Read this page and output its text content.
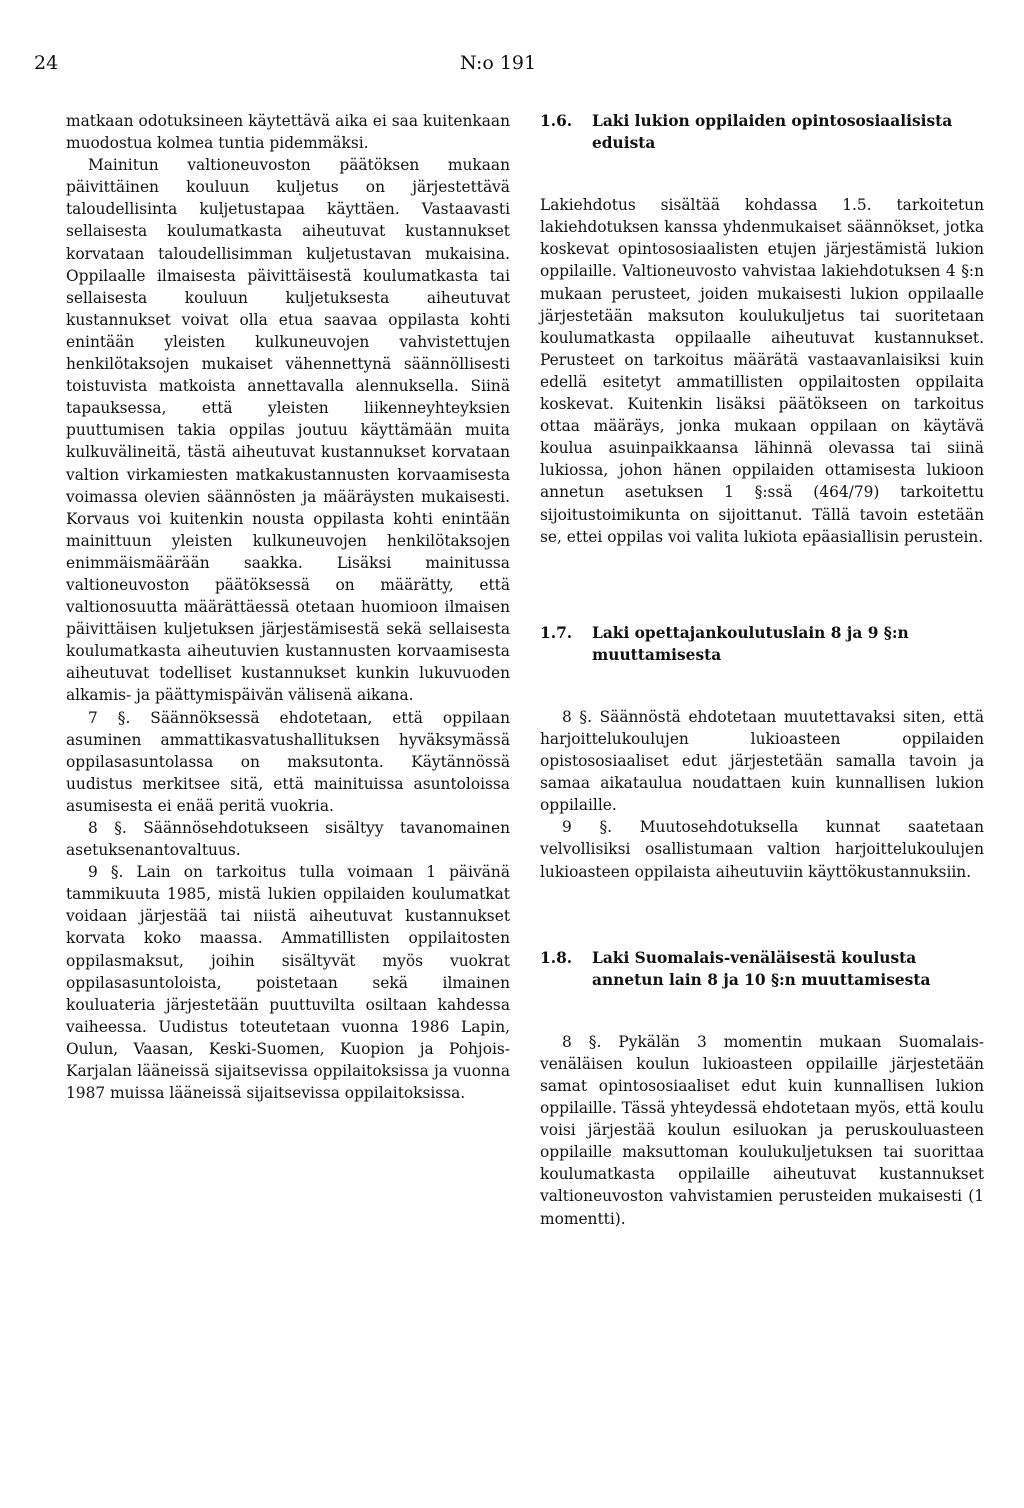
24	N:o 191

matkaan odotuksineen käytettävä aika ei saa kuitenkaan muodostua kolmea tuntia pidemmäksi.

Mainitun valtioneuvoston päätöksen mukaan päivittäinen kouluun kuljetus on järjestettävä taloudellisinta kuljetustapaa käyttäen. Vastaavasti sellaisesta koulumatkasta aiheutuvat kustannukset korvataan taloudellisimman kuljetustavan mukaisina. Oppilaalle ilmaisesta päivittäisestä koulumatkasta tai sellaisesta kouluun kuljetuksesta aiheutuvat kustannukset voivat olla etua saavaa oppilasta kohti enintään yleisten kulkuneuvojen vahvistettujen henkilötaksojen mukaiset vähennettynä säännöllisesti toistuvista matkoista annettavalla alennuksella. Siinä tapauksessa, että yleisten liikenneyhteyksien puuttumisen takia oppilas joutuu käyttämään muita kulkuvälineitä, tästä aiheutuvat kustannukset korvataan valtion virkamiesten matkakustannusten korvaamisesta voimassa olevien säännösten ja määräysten mukaisesti. Korvaus voi kuitenkin nousta oppilasta kohti enintään mainittuun yleisten kulkuneuvojen henkilötaksojen enimmäismäärään saakka. Lisäksi mainitussa valtioneuvoston päätöksessä on määrätty, että valtionosuutta määrättäessä otetaan huomioon ilmaisen päivittäisen kuljetuksen järjestämisestä sekä sellaisesta koulumatkasta aiheutuvien kustannusten korvaamisesta aiheutuvat todelliset kustannukset kunkin lukuvuoden alkamis- ja päättymispäivän välisenä aikana.

7 §. Säännöksessä ehdotetaan, että oppilaan asuminen ammattikasvatushallituksen hyväksymässä oppilasasuntolassa on maksutonta. Käytännössä uudistus merkitsee sitä, että mainituissa asuntoloissa asumisesta ei enää peritä vuokria.

8 §. Säännösehdotukseen sisältyy tavanomainen asetuksenantovaltuus.

9 §. Lain on tarkoitus tulla voimaan 1 päivänä tammikuuta 1985, mistä lukien oppilaiden koulumatkat voidaan järjestää tai niistä aiheutuvat kustannukset korvata koko maassa. Ammatillisten oppilaitosten oppilasmaksut, joihin sisältyvät myös vuokrat oppilasasuntoloista, poistetaan sekä ilmainen kouluateria järjestetään puuttuvilta osiltaan kahdessa vaiheessa. Uudistus toteutetaan vuonna 1986 Lapin, Oulun, Vaasan, Keski-Suomen, Kuopion ja Pohjois-Karjalan lääneissä sijaitsevissa oppilaitoksissa ja vuonna 1987 muissa lääneissä sijaitsevissa oppilaitoksissa.

1.6.	Laki lukion oppilaiden opintososiaalisista eduista

Lakiehdotus sisältää kohdassa 1.5. tarkoitetun lakiehdotuksen kanssa yhdenmukaiset säännökset, jotka koskevat opintososiaalisten etujen järjestämistä lukion oppilaille. Valtioneuvosto vahvistaa lakiehdotuksen 4 §:n mukaan perusteet, joiden mukaisesti lukion oppilaalle järjestetään maksuton koulukuljetus tai suoritetaan koulumatkasta oppilaalle aiheutuvat kustannukset. Perusteet on tarkoitus määrätä vastaavanlaisiksi kuin edellä esitetyt ammatillisten oppilaitosten oppilaita koskevat. Kuitenkin lisäksi päätökseen on tarkoitus ottaa määräys, jonka mukaan oppilaan on käytävä koulua asuinpaikkaansa lähinnä olevassa tai siinä lukiossa, johon hänen oppilaiden ottamisesta lukioon annetun asetuksen 1 §:ssä (464/79) tarkoitettu sijoitustoimikunta on sijoittanut. Tällä tavoin estetään se, ettei oppilas voi valita lukiota epäasiallisin perustein.

1.7.	Laki opettajankoulutuslain 8 ja 9 §:n muuttamisesta

8 §. Säännöstä ehdotetaan muutettavaksi siten, että harjoittelukoulujen lukioasteen oppilaiden opistososiaaliset edut järjestetään samalla tavoin ja samaa aikataulua noudattaen kuin kunnallisen lukion oppilaille.

9 §. Muutosehdotuksella kunnat saatetaan velvollisiksi osallistumaan valtion harjoittelukoulujen lukioasteen oppilaista aiheutuviin käyttökustannuksiin.

1.8.	Laki Suomalais-venäläisestä koulusta annetun lain 8 ja 10 §:n muuttamisesta

8 §. Pykälän 3 momentin mukaan Suomalais-venäläisen koulun lukioasteen oppilaille järjestetään samat opintososiaaliset edut kuin kunnallisen lukion oppilaille. Tässä yhteydessä ehdotetaan myös, että koulu voisi järjestää koulun esiluokan ja peruskouluasteen oppilaille maksuttoman koulukuljetuksen tai suorittaa koulumatkasta oppilaille aiheutuvat kustannukset valtioneuvoston vahvistamien perusteiden mukaisesti (1 momentti).
